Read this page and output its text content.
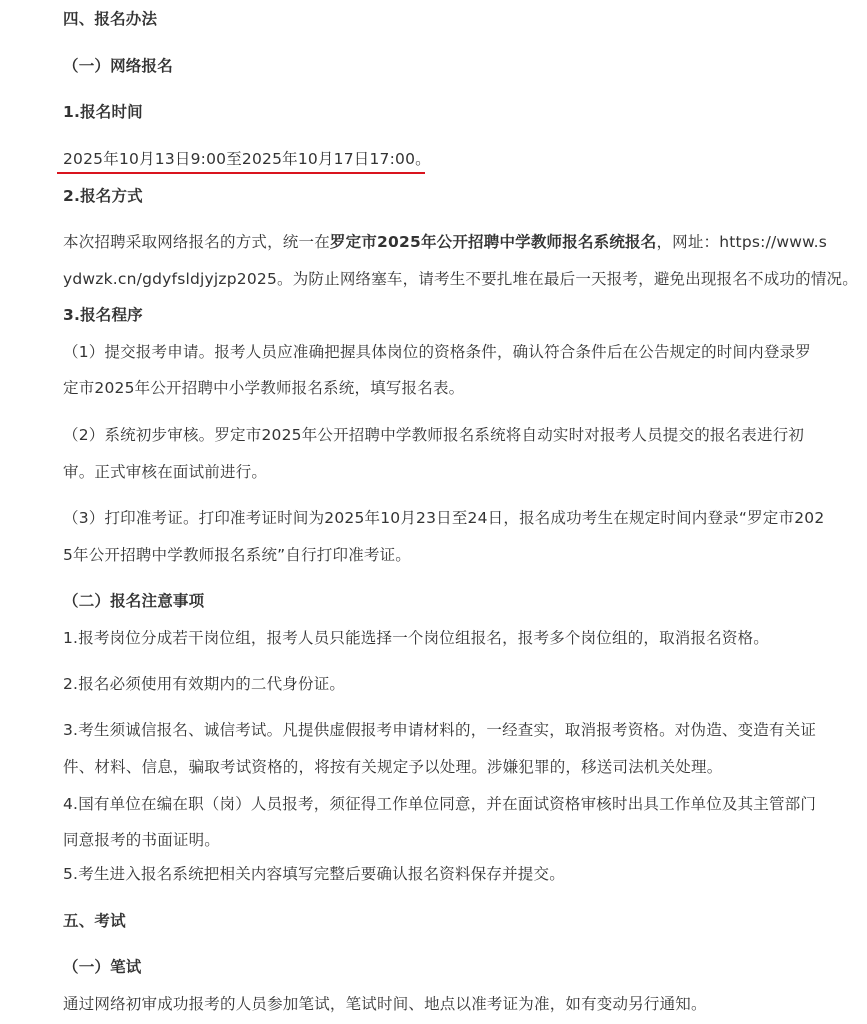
四、报名办法
（一）网络报名
1.报名时间
2025年10月13日9:00至2025年10月17日17:00。
2.报名方式
本次招聘采取网络报名的方式，统一在罗定市2025年公开招聘中学教师报名系统报名，网址：https://www.s
ydwzk.cn/gdyfsldjyjzp2025。为防止网络塞车，请考生不要扎堆在最后一天报考，避免出现报名不成功的情况。
3.报名程序
（1）提交报考申请。报考人员应准确把握具体岗位的资格条件，确认符合条件后在公告规定的时间内登录罗
定市2025年公开招聘中小学教师报名系统，填写报名表。
（2）系统初步审核。罗定市2025年公开招聘中学教师报名系统将自动实时对报考人员提交的报名表进行初
审。正式审核在面试前进行。
（3）打印准考证。打印准考证时间为2025年10月23日至24日，报名成功考生在规定时间内登录“罗定市202
5年公开招聘中学教师报名系统”自行打印准考证。
（二）报名注意事项
1.报考岗位分成若干岗位组，报考人员只能选择一个岗位组报名，报考多个岗位组的，取消报名资格。
2.报名必须使用有效期内的二代身份证。
3.考生须诚信报名、诚信考试。凡提供虚假报考申请材料的，一经查实，取消报考资格。对伪造、变造有关证
件、材料、信息，骗取考试资格的，将按有关规定予以处理。涉嫌犯罪的，移送司法机关处理。
4.国有单位在编在职（岗）人员报考，须征得工作单位同意，并在面试资格审核时出具工作单位及其主管部门
同意报考的书面证明。
5.考生进入报名系统把相关内容填写完整后要确认报名资料保存并提交。
五、考试
（一）笔试
通过网络初审成功报考的人员参加笔试，笔试时间、地点以准考证为准，如有变动另行通知。
